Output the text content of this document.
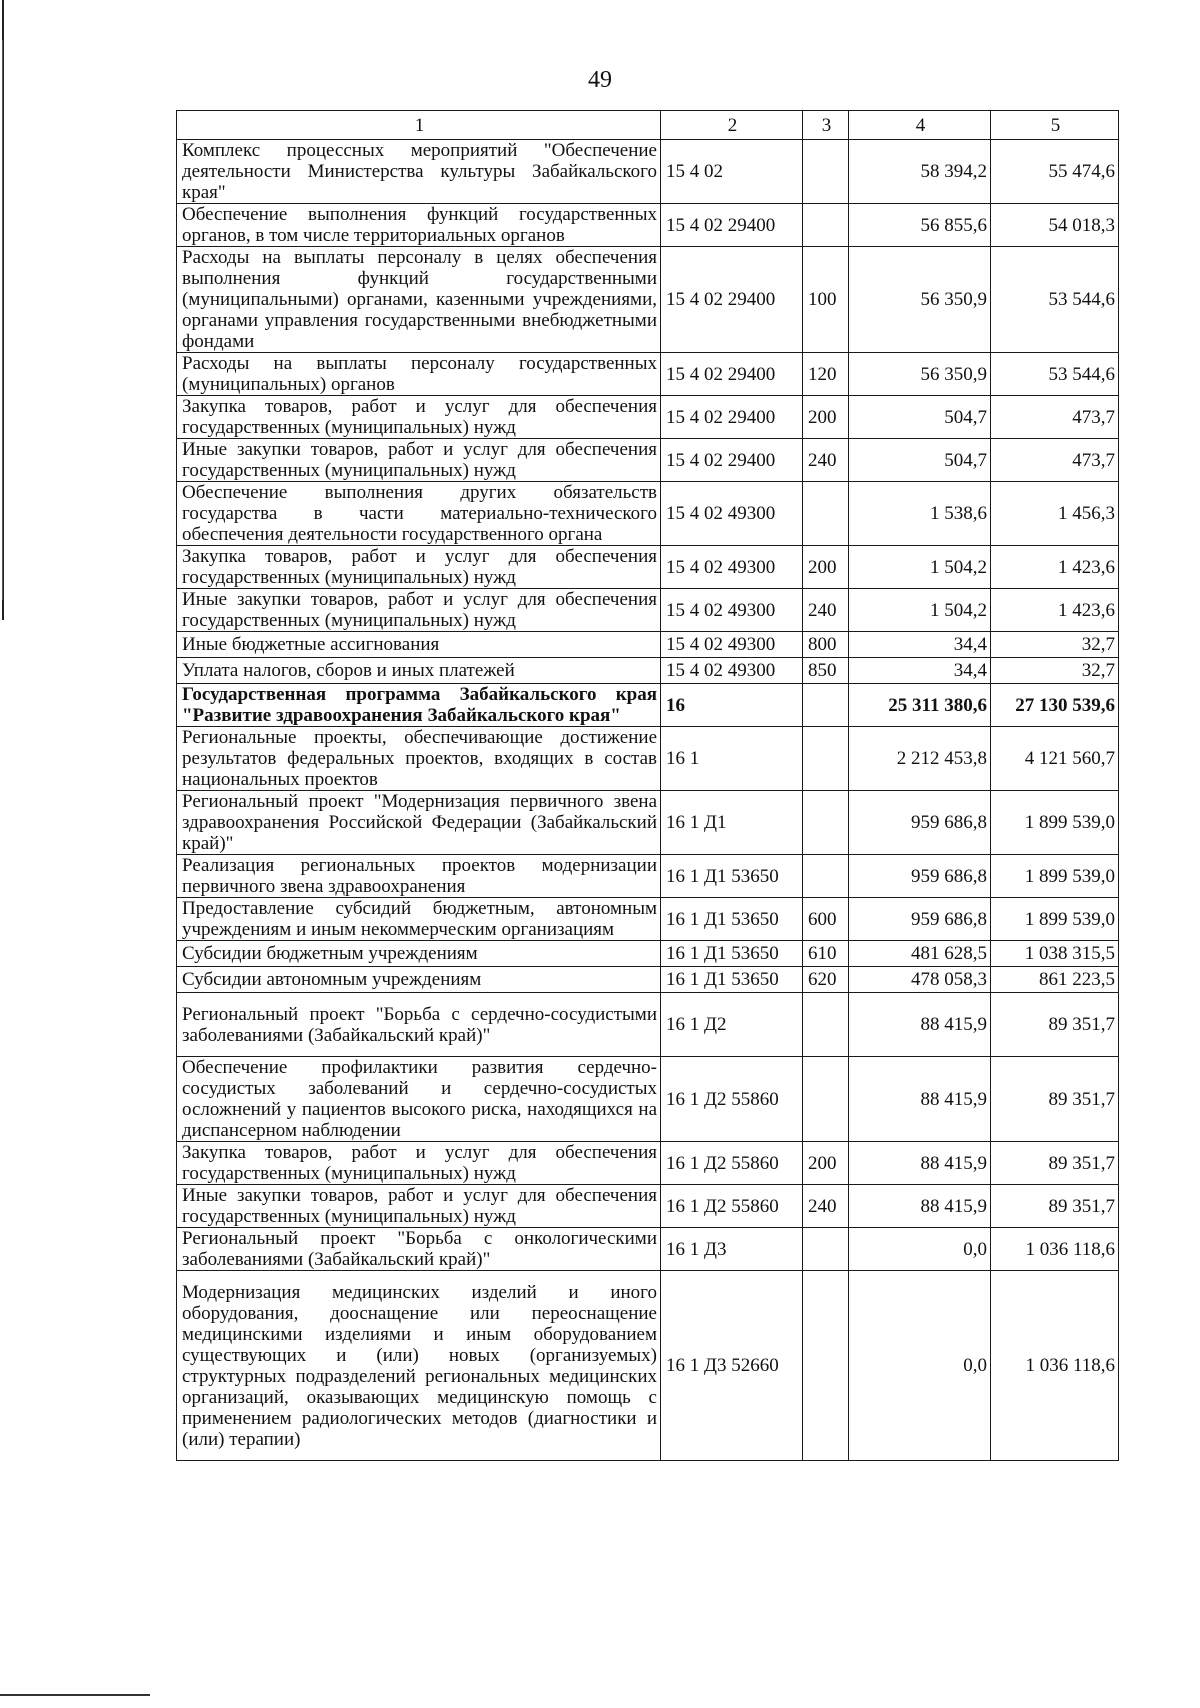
49
1	2	3	4	5
Комплекс процессных мероприятий "Обеспечение деятельности Министерства культуры Забайкальского края"	15 4 02		58 394,2	55 474,6
Обеспечение выполнения функций государственных органов, в том числе территориальных органов	15 4 02 29400		56 855,6	54 018,3
Расходы на выплаты персоналу в целях обеспечения выполнения функций государственными (муниципальными) органами, казенными учреждениями, органами управления государственными внебюджетными фондами	15 4 02 29400	100	56 350,9	53 544,6
Расходы на выплаты персоналу государственных (муниципальных) органов	15 4 02 29400	120	56 350,9	53 544,6
Закупка товаров, работ и услуг для обеспечения государственных (муниципальных) нужд	15 4 02 29400	200	504,7	473,7
Иные закупки товаров, работ и услуг для обеспечения государственных (муниципальных) нужд	15 4 02 29400	240	504,7	473,7
Обеспечение выполнения других обязательств государства в части материально-технического обеспечения деятельности государственного органа	15 4 02 49300		1 538,6	1 456,3
Закупка товаров, работ и услуг для обеспечения государственных (муниципальных) нужд	15 4 02 49300	200	1 504,2	1 423,6
Иные закупки товаров, работ и услуг для обеспечения государственных (муниципальных) нужд	15 4 02 49300	240	1 504,2	1 423,6
Иные бюджетные ассигнования	15 4 02 49300	800	34,4	32,7
Уплата налогов, сборов и иных платежей	15 4 02 49300	850	34,4	32,7
Государственная программа Забайкальского края "Развитие здравоохранения Забайкальского края"	16		25 311 380,6	27 130 539,6
Региональные проекты, обеспечивающие достижение результатов федеральных проектов, входящих в состав национальных проектов	16 1		2 212 453,8	4 121 560,7
Региональный проект "Модернизация первичного звена здравоохранения Российской Федерации (Забайкальский край)"	16 1 Д1		959 686,8	1 899 539,0
Реализация региональных проектов модернизации первичного звена здравоохранения	16 1 Д1 53650		959 686,8	1 899 539,0
Предоставление субсидий бюджетным, автономным учреждениям и иным некоммерческим организациям	16 1 Д1 53650	600	959 686,8	1 899 539,0
Субсидии бюджетным учреждениям	16 1 Д1 53650	610	481 628,5	1 038 315,5
Субсидии автономным учреждениям	16 1 Д1 53650	620	478 058,3	861 223,5
Региональный проект "Борьба с сердечно-сосудистыми заболеваниями (Забайкальский край)"	16 1 Д2		88 415,9	89 351,7
Обеспечение профилактики развития сердечно-сосудистых заболеваний и сердечно-сосудистых осложнений у пациентов высокого риска, находящихся на диспансерном наблюдении	16 1 Д2 55860		88 415,9	89 351,7
Закупка товаров, работ и услуг для обеспечения государственных (муниципальных) нужд	16 1 Д2 55860	200	88 415,9	89 351,7
Иные закупки товаров, работ и услуг для обеспечения государственных (муниципальных) нужд	16 1 Д2 55860	240	88 415,9	89 351,7
Региональный проект "Борьба с онкологическими заболеваниями (Забайкальский край)"	16 1 Д3		0,0	1 036 118,6
Модернизация медицинских изделий и иного оборудования, дооснащение или переоснащение медицинскими изделиями и иным оборудованием существующих и (или) новых (организуемых) структурных подразделений региональных медицинских организаций, оказывающих медицинскую помощь с применением радиологических методов (диагностики и (или) терапии)	16 1 Д3 52660		0,0	1 036 118,6
